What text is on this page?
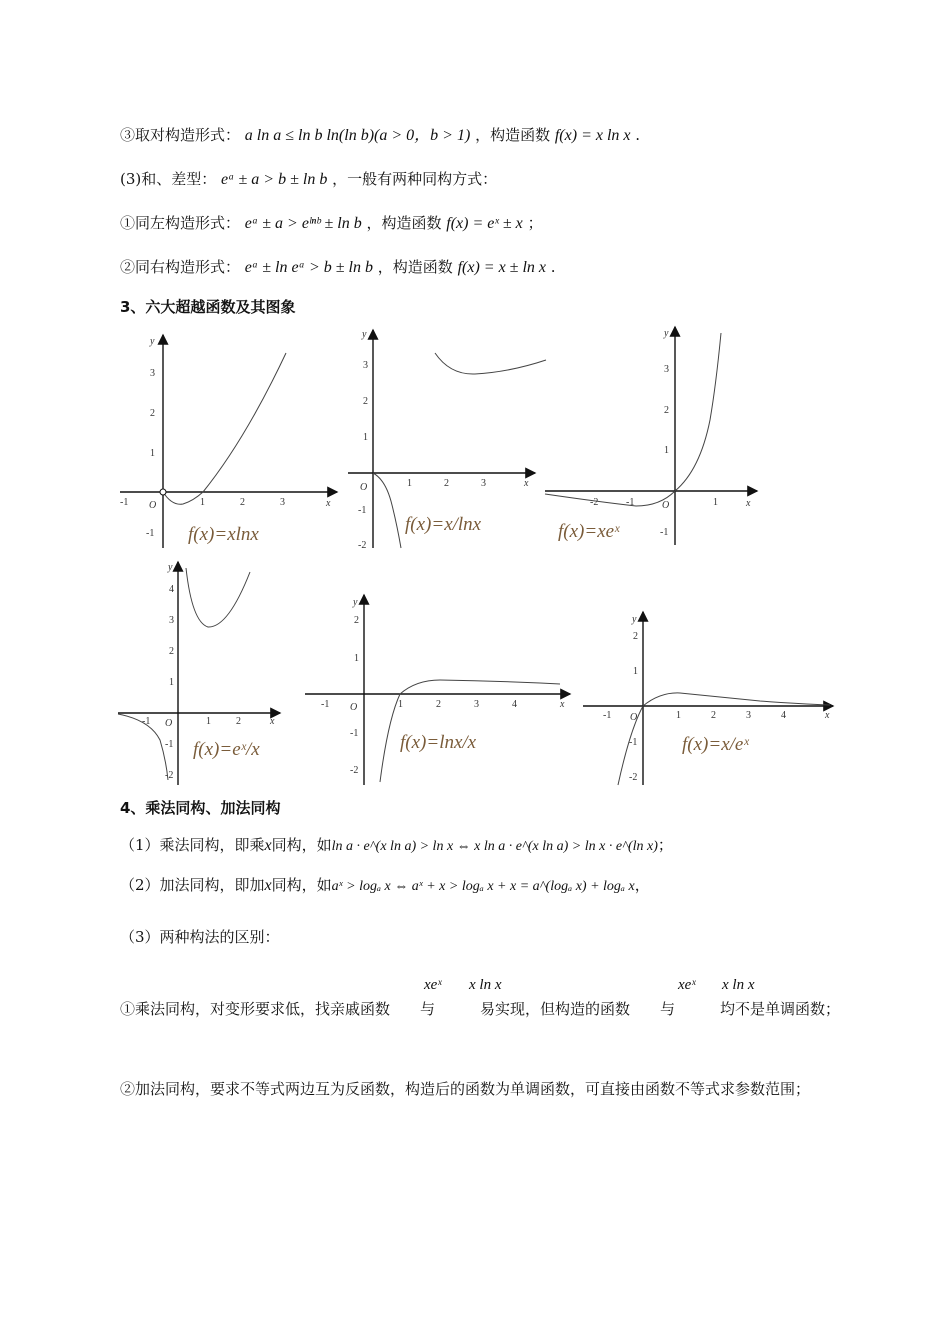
③取对构造形式： a ln a ≤ ln b ln(ln b)(a > 0，b > 1) ，构造函数 f(x) = x ln x .
(3)和、差型： eᵃ ± a > b ± ln b ，一般有两种同构方式：
①同左构造形式： eᵃ ± a > eˡⁿᵇ ± ln b ，构造函数 f(x) = eˣ ± x ；
②同右构造形式： eᵃ ± ln eᵃ > b ± ln b ，构造函数 f(x) = x ± ln x .
3、六大超越函数及其图象
-1	1	2	3
3
2
1
-1
O	x
y
f(x)=xlnx
1	2	3
3
2
1
-1
-2
O	x
y
f(x)=x/lnx
-2	-1	1
3
2
1
-1
O	x
y
f(x)=xeˣ
-1	1	2
4
3
2
1
-1
-2
O	x
y
f(x)=eˣ/x
-1	1	2	3	4
2
1
-1
-2
O	x
y
f(x)=lnx/x
-1	1	2	3	4
2
1
-1
-2
O	x
y
f(x)=x/eˣ
4、乘法同构、加法同构
（1）乘法同构，即乘x同构，如ln a · e^(x ln a) > ln x ⇔ x ln a · e^(x ln a) > ln x · e^(ln x)；
（2）加法同构，即加x同构，如aˣ > logₐ x ⇔ aˣ + x > logₐ x + x = a^(logₐ x) + logₐ x，
（3）两种构法的区别：
xeˣ x ln x	xeˣ x ln x
①乘法同构，对变形要求低，找亲戚函数　　与　　　易实现，但构造的函数　　与　　　均不是单调函数；
②加法同构，要求不等式两边互为反函数，构造后的函数为单调函数，可直接由函数不等式求参数范围；
